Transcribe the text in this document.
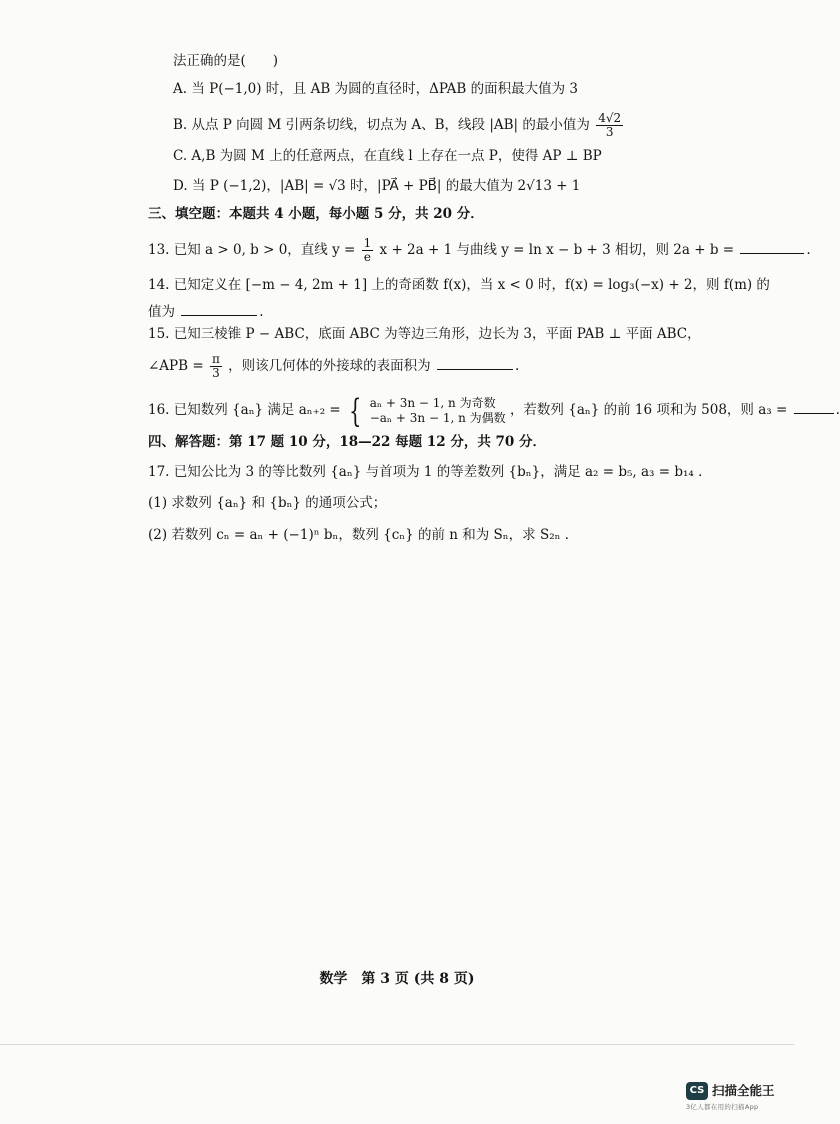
法正确的是(　　)
A. 当 P(−1,0) 时，且 AB 为圆的直径时，ΔPAB 的面积最大值为 3
B. 从点 P 向圆 M 引两条切线，切点为 A、B，线段 |AB| 的最小值为 $\frac{4√2}{3}$
C. A,B 为圆 M 上的任意两点，在直线 l 上存在一点 P，使得 AP ⊥ BP
D. 当 P (−1,2)，|AB| = √3 时，|PA⃗ + PB⃗| 的最大值为 2√13 + 1
三、填空题：本题共 4 小题，每小题 5 分，共 20 分．
13. 已知 a > 0, b > 0，直线 $y = \frac{1}{e}$ x + 2a + 1 与曲线 y = ln x − b + 3 相切，则 2a + b =	.
14. 已知定义在 [−m − 4, 2m + 1] 上的奇函数 f(x)，当 x < 0 时，f(x) = log₃(−x) + 2，则 f(m) 的
值为	.
15. 已知三棱锥 P − ABC，底面 ABC 为等边三角形，边长为 3，平面 PAB ⊥ 平面 ABC，
∠APB = $\frac{\pi}{3}$ ，则该几何体的外接球的表面积为	.
16. 已知数列 {aₙ} 满足 aₙ₊₂ = { aₙ + 3n − 1, n 为奇数
−aₙ + 3n − 1, n 为偶数 ，若数列 {aₙ} 的前 16 项和为 508，则 a₃ =	.
四、解答题：第 17 题 10 分，18—22 每题 12 分，共 70 分．
17. 已知公比为 3 的等比数列 {aₙ} 与首项为 1 的等差数列 {bₙ}，满足 a₂ = b₅, a₃ = b₁₄ ．
(1) 求数列 {aₙ} 和 {bₙ} 的通项公式；
(2) 若数列 cₙ = aₙ + (−1)ⁿ bₙ，数列 {cₙ} 的前 n 和为 Sₙ，求 S₂ₙ ．
数学　第 3 页 (共 8 页)
CS 扫描全能王
3亿人都在用的扫描App
